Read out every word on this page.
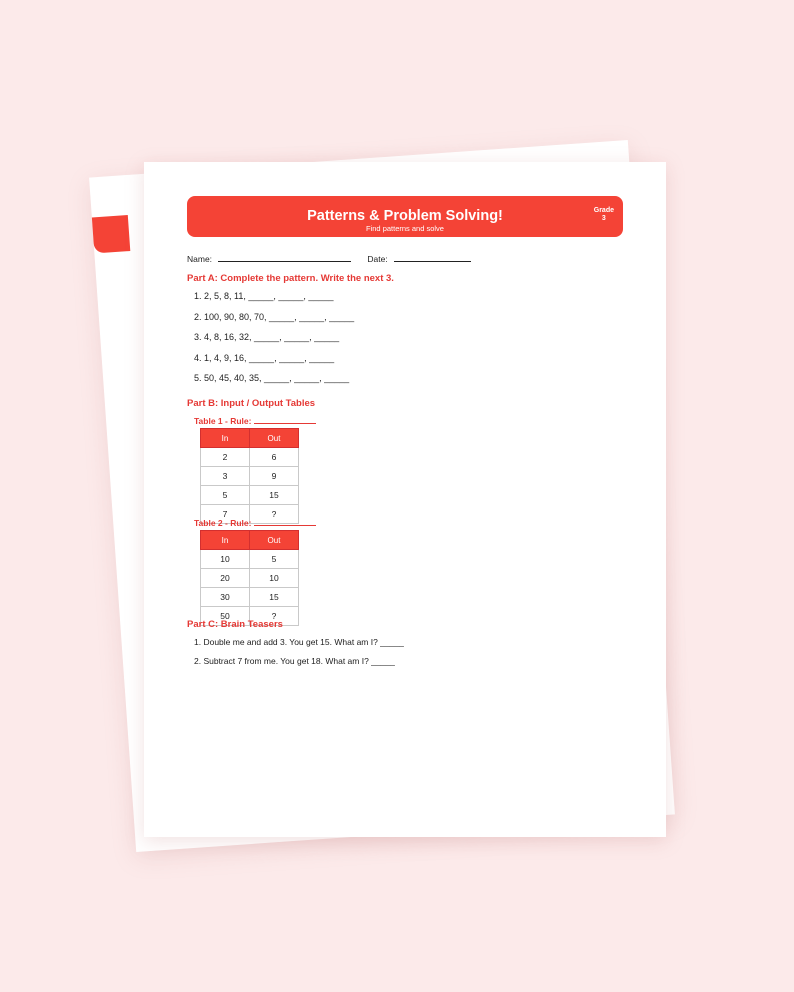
Patterns & Problem Solving!
Find patterns and solve
Grade
3
Name:	Date:
Part A: Complete the pattern. Write the next 3.
1. 2, 5, 8, 11, _____, _____, _____
2. 100, 90, 80, 70, _____, _____, _____
3. 4, 8, 16, 32, _____, _____, _____
4. 1, 4, 9, 16, _____, _____, _____
5. 50, 45, 40, 35, _____, _____, _____
Part B: Input / Output Tables
Table 1 - Rule:
In	Out
2	6
3	9
5	15
7	?
Table 2 - Rule:
In	Out
10	5
20	10
30	15
50	?
Part C: Brain Teasers
1. Double me and add 3. You get 15. What am I? _____
2. Subtract 7 from me. You get 18. What am I? _____
